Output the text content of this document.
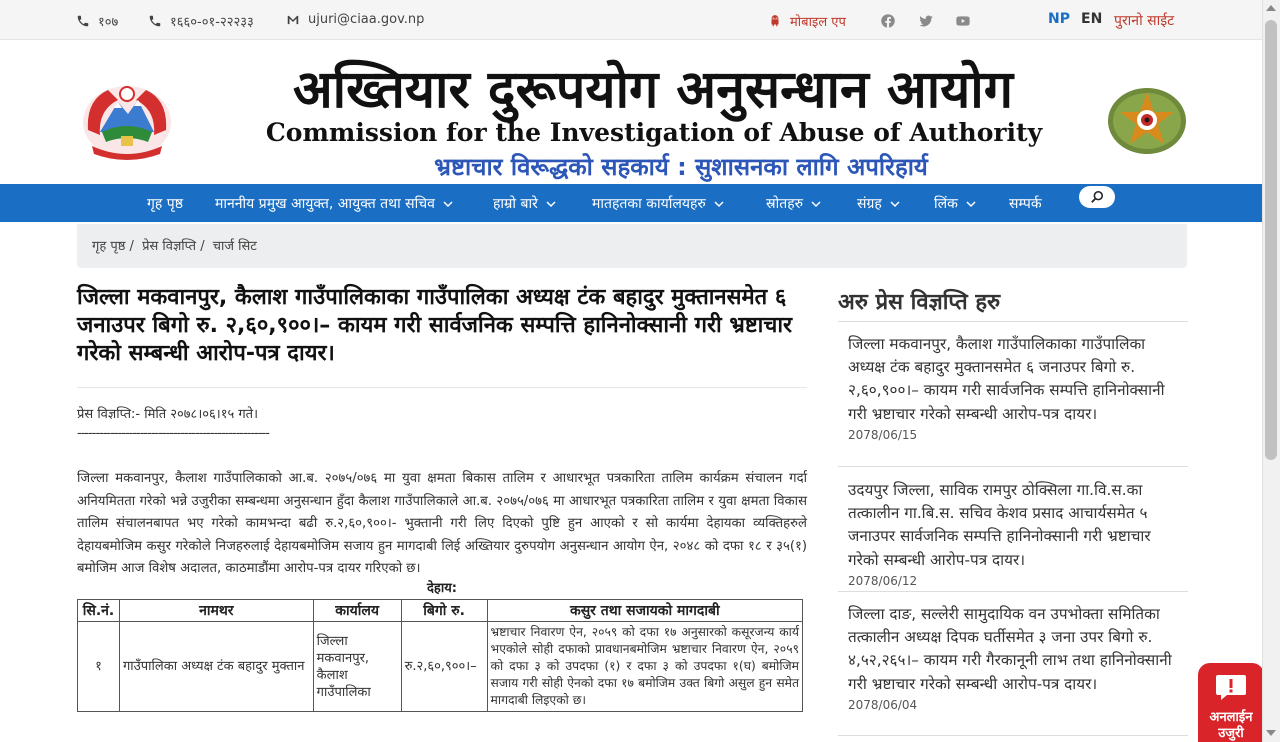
१०७	१६६०-०१-२२२३३	ujuri@ciaa.gov.np	मोबाइल एप	NP EN पुरानो साईट
अख्तियार दुरूपयोग अनुसन्धान आयोग
Commission for the Investigation of Abuse of Authority
भ्रष्टाचार विरूद्धको सहकार्य : सुशासनका लागि अपरिहार्य
गृह पृष्ठ माननीय प्रमुख आयुक्त, आयुक्त तथा सचिव	हाम्रो बारे	मातहतका कार्यालयहरु	स्रोतहरु	संग्रह	लिंक	सम्पर्क
गृह पृष्ठ / प्रेस विज्ञप्ति / चार्ज सिट
जिल्ला मकवानपुर, कैलाश गाउँपालिकाका गाउँपालिका अध्यक्ष टंक बहादुर मुक्तानसमेत ६ जनाउपर बिगो रु. २,६०,९००।– कायम गरी सार्वजनिक सम्पत्ति हानिनोक्सानी गरी भ्रष्टाचार गरेको सम्बन्धी आरोप-पत्र दायर।
प्रेस विज्ञप्ति:- मिति २०७८।०६।१५ गते।
----------------------------------------------------

जिल्ला मकवानपुर, कैलाश गाउँपालिकाको आ.ब. २०७५/०७६ मा युवा क्षमता बिकास तालिम र आधारभूत पत्रकारिता तालिम कार्यक्रम संचालन गर्दा अनियमितता गरेको भन्ने उजुरीका सम्बन्धमा अनुसन्धान हुँदा कैलाश गाउँपालिकाले आ.ब. २०७५/०७६ मा आधारभूत पत्रकारिता तालिम र युवा क्षमता विकास तालिम संचालनबापत भए गरेको कामभन्दा बढी रु.२,६०,९००।- भुक्तानी गरी लिए दिएको पुष्टि हुन आएको र सो कार्यमा देहायका व्यक्तिहरुले देहायबमोजिम कसुर गरेकोले निजहरुलाई देहायबमोजिम सजाय हुन मागदाबी लिई अख्तियार दुरुपयोग अनुसन्धान आयोग ऐन, २०४८ को दफा १८ र ३५(१) बमोजिम आज विशेष अदालत, काठमाडौंमा आरोप-पत्र दायर गरिएको छ।

देहाय:
सि.नं.	नामथर	कार्यालय	बिगो रु.	कसुर तथा सजायको मागदाबी
१	गाउँपालिका अध्यक्ष टंक बहादुर मुक्तान	जिल्ला मकवानपुर, कैलाश गाउँपालिका	रु.२,६०,९००।–	भ्रष्टाचार निवारण ऐन, २०५९ को दफा १७ अनुसारको कसूरजन्य कार्य भएकोले सोही दफाको प्रावधानबमोजिम भ्रष्टाचार निवारण ऐन, २०५९ को दफा ३ को उपदफा (१) र दफा ३ को उपदफा १(घ) बमोजिम सजाय गरी सोही ऐनको दफा १७ बमोजिम उक्त बिगो असुल हुन समेत मागदाबी लिइएको छ।
अरु प्रेस विज्ञप्ति हरु
जिल्ला मकवानपुर, कैलाश गाउँपालिकाका गाउँपालिका अध्यक्ष टंक बहादुर मुक्तानसमेत ६ जनाउपर बिगो रु. २,६०,९००।– कायम गरी सार्वजनिक सम्पत्ति हानिनोक्सानी गरी भ्रष्टाचार गरेको सम्बन्धी आरोप-पत्र दायर।
2078/06/15
उदयपुर जिल्ला, साविक रामपुर ठोक्सिला गा.वि.स.का तत्कालीन गा.बि.स. सचिव केशव प्रसाद आचार्यसमेत ५ जनाउपर सार्वजनिक सम्पत्ति हानिनोक्सानी गरी भ्रष्टाचार गरेको सम्बन्धी आरोप-पत्र दायर।
2078/06/12
जिल्ला दाङ, सल्लेरी सामुदायिक वन उपभोक्ता समितिका तत्कालीन अध्यक्ष दिपक घर्तीसमेत ३ जना उपर बिगो रु. ४,५२,२६५।– कायम गरी गैरकानूनी लाभ तथा हानिनोक्सानी गरी भ्रष्टाचार गरेको सम्बन्धी आरोप-पत्र दायर।
2078/06/04
अनलाईन
उजुरी
